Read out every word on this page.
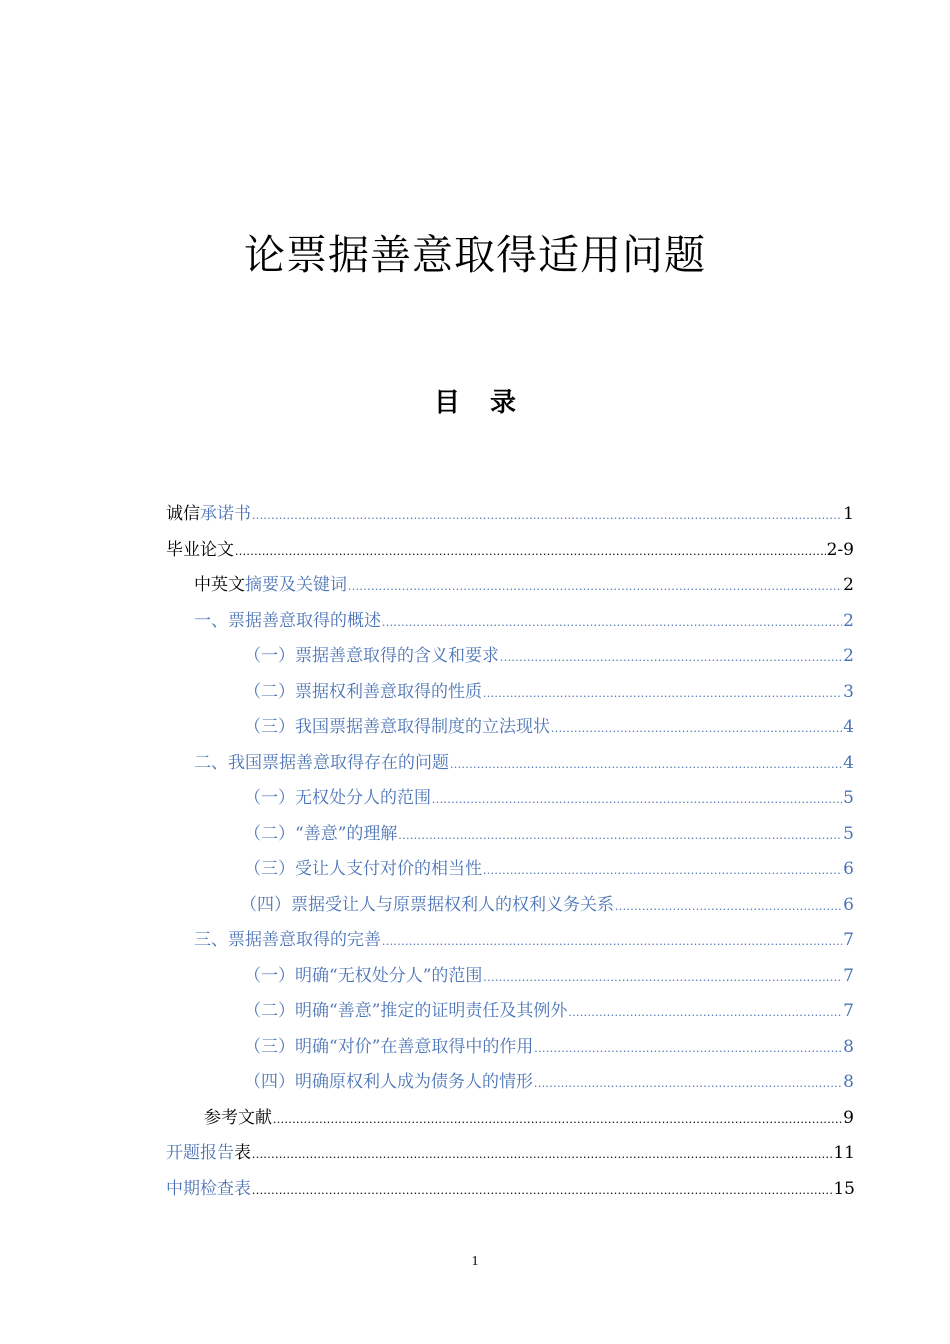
论票据善意取得适用问题
目 录
诚信 承诺书 .....	1
毕业论文 .....	2-9
中英文 摘要及关键词 .....	2
一、票据善意取得的概述 .....	2
（一）票据善意取得的含义和要求 .....	2
（二）票据权利善意取得的性质 .....	3
（三）我国票据善意取得制度的立法现状 .....	4
二、我国票据善意取得存在的问题 .....	4
（一）无权处分人的范围 .....	5
（二）“善意”的理解 .....	5
（三）受让人支付对价的相当性 .....	6
（四）票据受让人与原票据权利人的权利义务关系 .....	6
三、票据善意取得的完善 .....	7
（一）明确“无权处分人”的范围 .....	7
（二）明确“善意”推定的证明责任及其例外 .....	7
（三）明确“对价”在善意取得中的作用 .....	8
（四）明确原权利人成为债务人的情形 .....	8
参考文献 .....	9
开题报告 表 .....	11
中期检查表 .....	15
1
